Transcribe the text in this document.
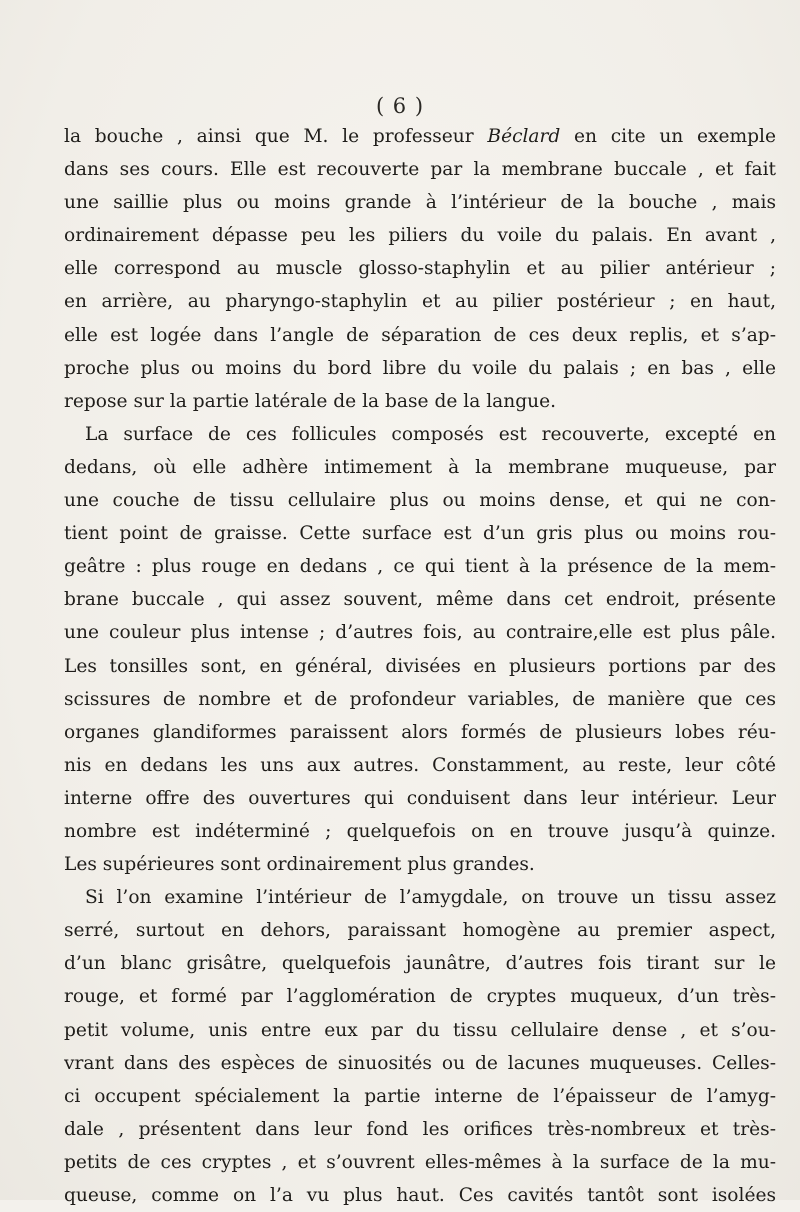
( 6 )
la bouche , ainsi que M. le professeur Béclard en cite un exemple
dans ses cours. Elle est recouverte par la membrane buccale , et fait
une saillie plus ou moins grande à l’intérieur de la bouche , mais
ordinairement dépasse peu les piliers du voile du palais. En avant ,
elle correspond au muscle glosso-staphylin et au pilier antérieur ;
en arrière, au pharyngo-staphylin et au pilier postérieur ; en haut,
elle est logée dans l’angle de séparation de ces deux replis, et s’ap-
proche plus ou moins du bord libre du voile du palais ; en bas , elle
repose sur la partie latérale de la base de la langue.
La surface de ces follicules composés est recouverte, excepté en
dedans, où elle adhère intimement à la membrane muqueuse, par
une couche de tissu cellulaire plus ou moins dense, et qui ne con-
tient point de graisse. Cette surface est d’un gris plus ou moins rou-
geâtre : plus rouge en dedans , ce qui tient à la présence de la mem-
brane buccale , qui assez souvent, même dans cet endroit, présente
une couleur plus intense ; d’autres fois, au contraire,elle est plus pâle.
Les tonsilles sont, en général, divisées en plusieurs portions par des
scissures de nombre et de profondeur variables, de manière que ces
organes glandiformes paraissent alors formés de plusieurs lobes réu-
nis en dedans les uns aux autres. Constamment, au reste, leur côté
interne offre des ouvertures qui conduisent dans leur intérieur. Leur
nombre est indéterminé ; quelquefois on en trouve jusqu’à quinze.
Les supérieures sont ordinairement plus grandes.
Si l’on examine l’intérieur de l’amygdale, on trouve un tissu assez
serré, surtout en dehors, paraissant homogène au premier aspect,
d’un blanc grisâtre, quelquefois jaunâtre, d’autres fois tirant sur le
rouge, et formé par l’agglomération de cryptes muqueux, d’un très-
petit volume, unis entre eux par du tissu cellulaire dense , et s’ou-
vrant dans des espèces de sinuosités ou de lacunes muqueuses. Celles-
ci occupent spécialement la partie interne de l’épaisseur de l’amyg-
dale , présentent dans leur fond les orifices très-nombreux et très-
petits de ces cryptes , et s’ouvrent elles-mêmes à la surface de la mu-
queuse, comme on l’a vu plus haut. Ces cavités tantôt sont isolées
